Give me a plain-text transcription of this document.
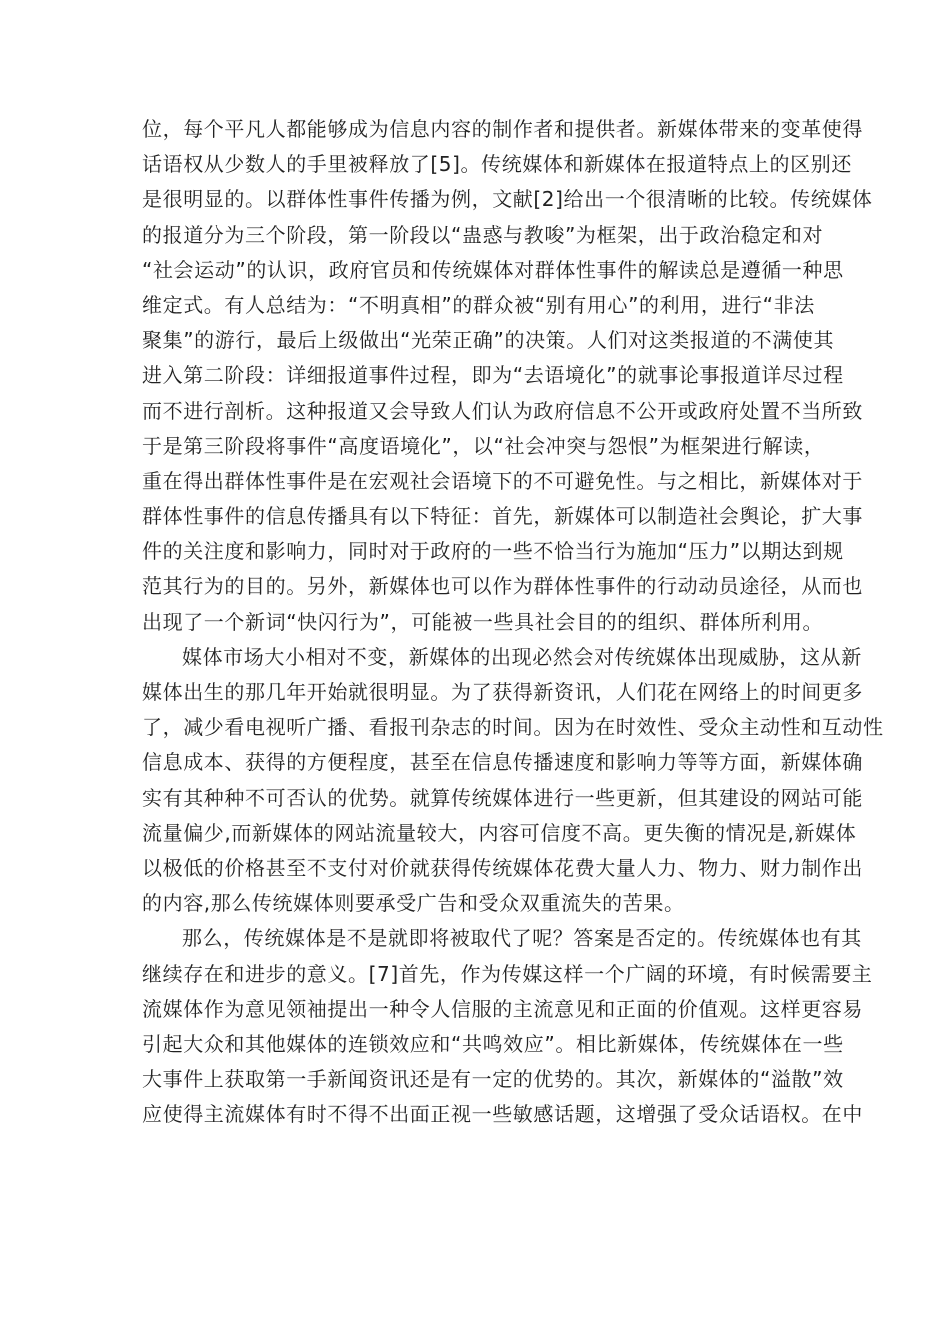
位，每个平凡人都能够成为信息内容的制作者和提供者。新媒体带来的变革使得
话语权从少数人的手里被释放了[5]。传统媒体和新媒体在报道特点上的区别还
是很明显的。以群体性事件传播为例，文献[2]给出一个很清晰的比较。传统媒体
的报道分为三个阶段，第一阶段以“蛊惑与教唆”为框架，出于政治稳定和对
“社会运动”的认识，政府官员和传统媒体对群体性事件的解读总是遵循一种思
维定式。有人总结为：“不明真相”的群众被“别有用心”的利用，进行“非法
聚集”的游行，最后上级做出“光荣正确”的决策。人们对这类报道的不满使其
进入第二阶段：详细报道事件过程，即为“去语境化”的就事论事报道详尽过程
而不进行剖析。这种报道又会导致人们认为政府信息不公开或政府处置不当所致
于是第三阶段将事件“高度语境化”，以“社会冲突与怨恨”为框架进行解读，
重在得出群体性事件是在宏观社会语境下的不可避免性。与之相比，新媒体对于
群体性事件的信息传播具有以下特征：首先，新媒体可以制造社会舆论，扩大事
件的关注度和影响力，同时对于政府的一些不恰当行为施加“压力”以期达到规
范其行为的目的。另外，新媒体也可以作为群体性事件的行动动员途径，从而也
出现了一个新词“快闪行为”，可能被一些具社会目的的组织、群体所利用。
媒体市场大小相对不变，新媒体的出现必然会对传统媒体出现威胁，这从新
媒体出生的那几年开始就很明显。为了获得新资讯，人们花在网络上的时间更多
了，减少看电视听广播、看报刊杂志的时间。因为在时效性、受众主动性和互动性
信息成本、获得的方便程度，甚至在信息传播速度和影响力等等方面，新媒体确
实有其种种不可否认的优势。就算传统媒体进行一些更新，但其建设的网站可能
流量偏少,而新媒体的网站流量较大，内容可信度不高。更失衡的情况是,新媒体
以极低的价格甚至不支付对价就获得传统媒体花费大量人力、物力、财力制作出
的内容,那么传统媒体则要承受广告和受众双重流失的苦果。
那么，传统媒体是不是就即将被取代了呢？答案是否定的。传统媒体也有其
继续存在和进步的意义。[7]首先，作为传媒这样一个广阔的环境，有时候需要主
流媒体作为意见领袖提出一种令人信服的主流意见和正面的价值观。这样更容易
引起大众和其他媒体的连锁效应和“共鸣效应”。相比新媒体，传统媒体在一些
大事件上获取第一手新闻资讯还是有一定的优势的。其次，新媒体的“溢散”效
应使得主流媒体有时不得不出面正视一些敏感话题，这增强了受众话语权。在中
